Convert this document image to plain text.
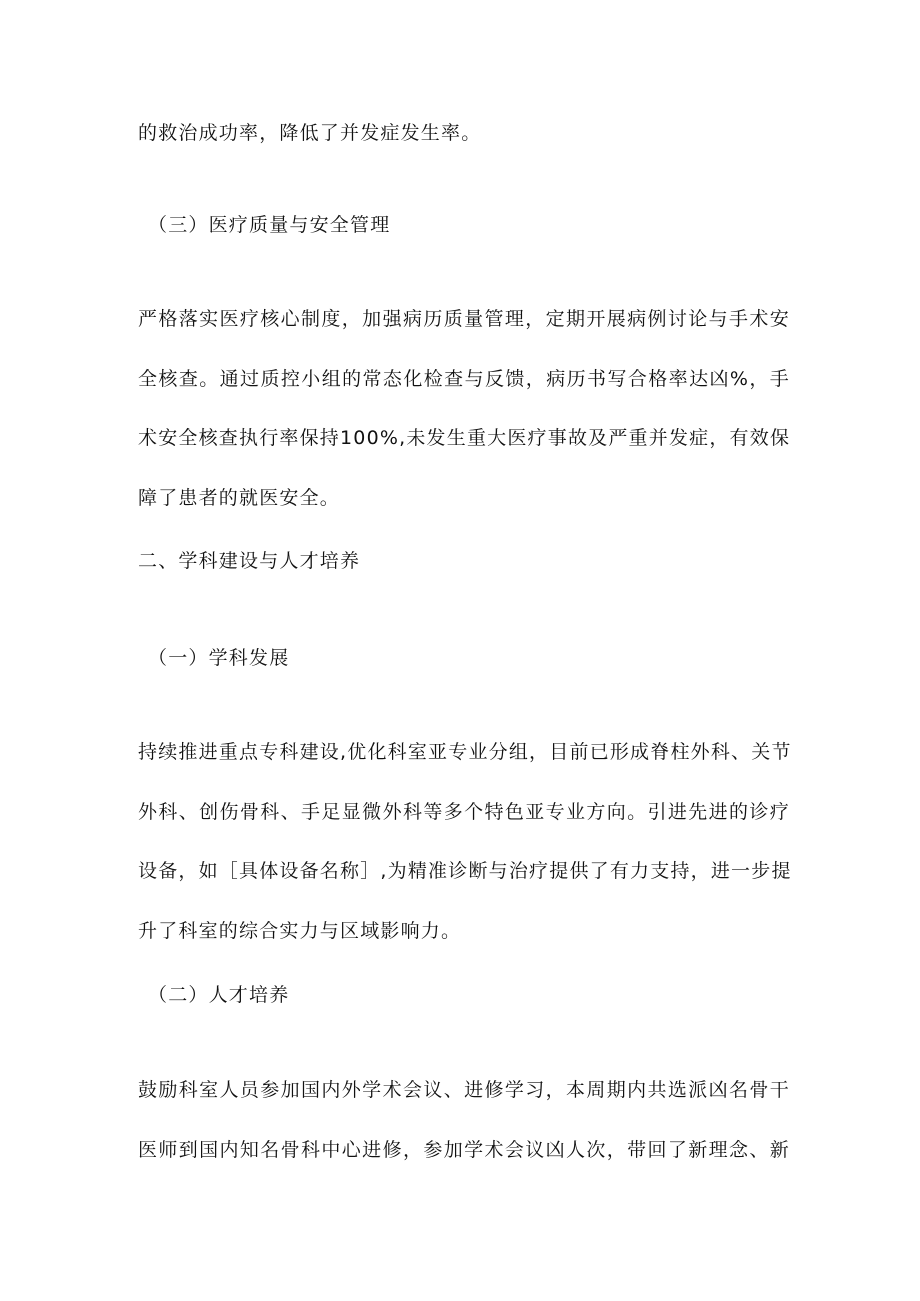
的救治成功率，降低了并发症发生率。
（三）医疗质量与安全管理
严格落实医疗核心制度，加强病历质量管理，定期开展病例讨论与手术安
全核查。通过质控小组的常态化检查与反馈，病历书写合格率达凶%，手
术安全核查执行率保持100%,未发生重大医疗事故及严重并发症，有效保
障了患者的就医安全。
二、学科建设与人才培养
（一）学科发展
持续推进重点专科建设,优化科室亚专业分组，目前已形成脊柱外科、关节
外科、创伤骨科、手足显微外科等多个特色亚专业方向。引进先进的诊疗
设备，如［具体设备名称］,为精准诊断与治疗提供了有力支持，进一步提
升了科室的综合实力与区域影响力。
（二）人才培养
鼓励科室人员参加国内外学术会议、进修学习，本周期内共选派凶名骨干
医师到国内知名骨科中心进修，参加学术会议凶人次，带回了新理念、新
